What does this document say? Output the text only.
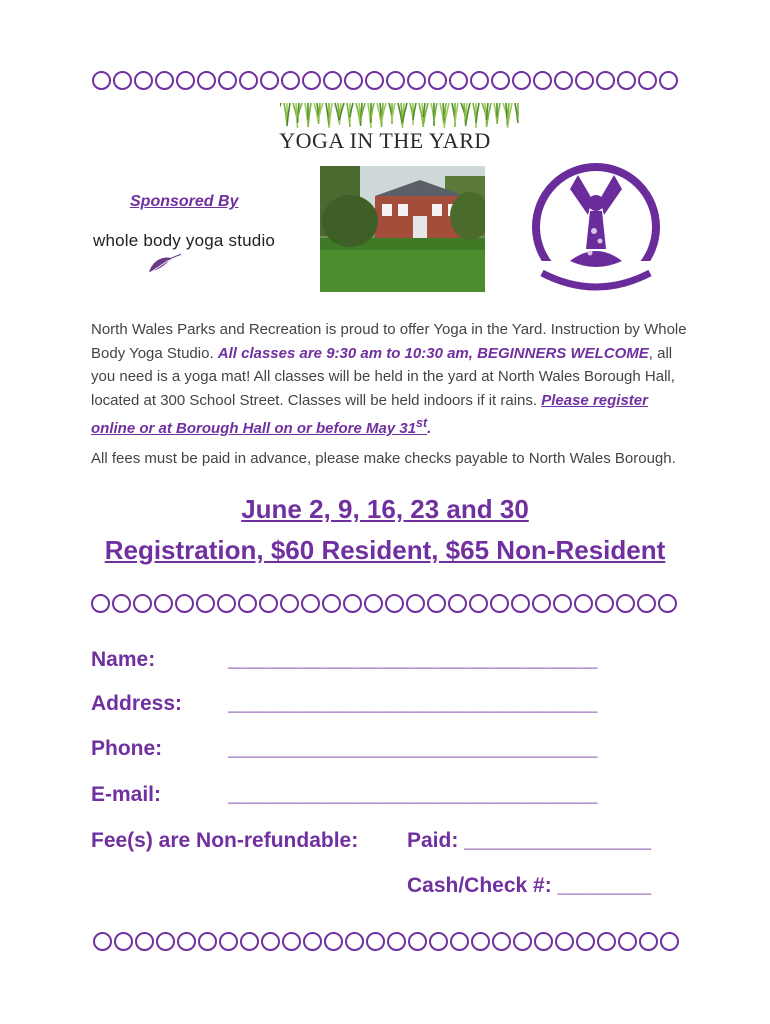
YOGA IN THE YARD
Sponsored By
whole body yoga studio
North Wales Parks and Recreation is proud to offer Yoga in the Yard. Instruction by Whole Body Yoga Studio. All classes are 9:30 am to 10:30 am, BEGINNERS WELCOME, all you need is a yoga mat! All classes will be held in the yard at North Wales Borough Hall, located at 300 School Street. Classes will be held indoors if it rains. Please register online or at Borough Hall on or before May 31st.
All fees must be paid in advance, please make checks payable to North Wales Borough.
June 2, 9, 16, 23 and 30
Registration, $60 Resident, $65 Non-Resident
Name:	_________________________________
Address: _________________________________
Phone:	_________________________________
E-mail:	_________________________________
Fee(s) are Non-refundable: Paid: ________________
Cash/Check #: ________
